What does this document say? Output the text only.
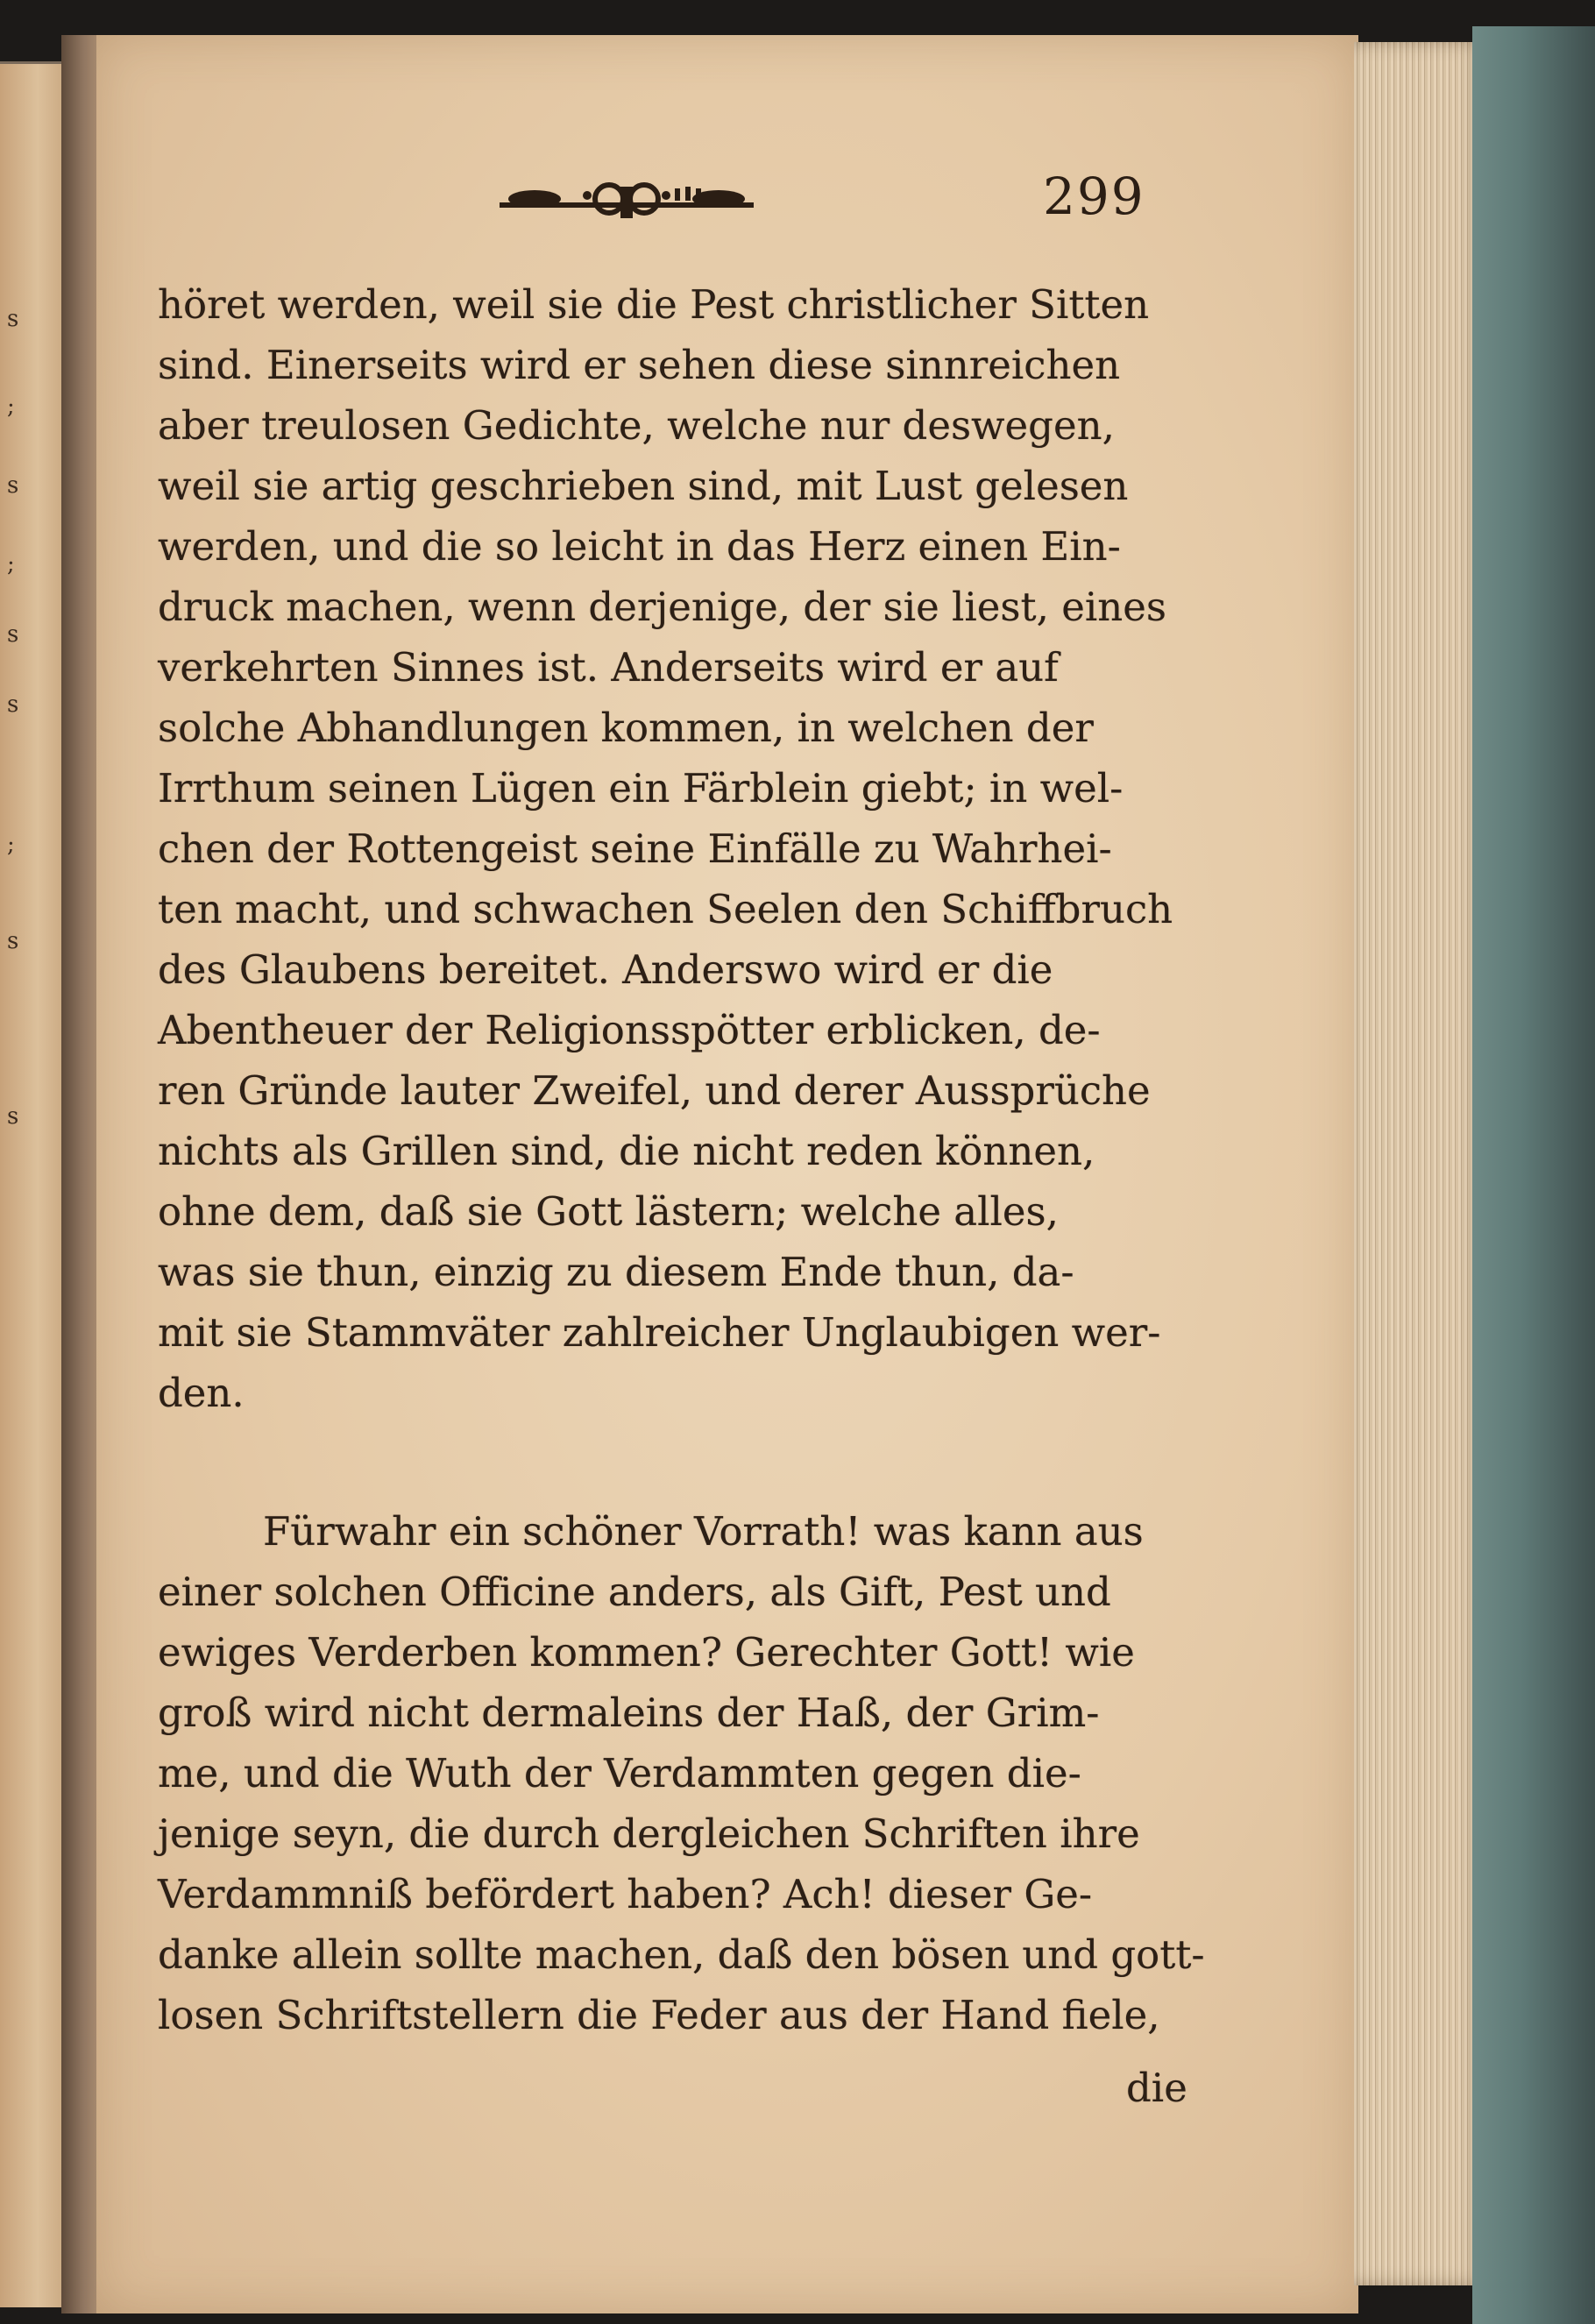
s
;
s
;
s
s
;
s
s
299
höret werden, weil sie die Pest christlicher Sitten
sind. Einerseits wird er sehen diese sinnreichen
aber treulosen Gedichte, welche nur deswegen,
weil sie artig geschrieben sind, mit Lust gelesen
werden, und die so leicht in das Herz einen Ein-
druck machen, wenn derjenige, der sie liest, eines
verkehrten Sinnes ist. Anderseits wird er auf
solche Abhandlungen kommen, in welchen der
Irrthum seinen Lügen ein Färblein giebt; in wel-
chen der Rottengeist seine Einfälle zu Wahrhei-
ten macht, und schwachen Seelen den Schiffbruch
des Glaubens bereitet. Anderswo wird er die
Abentheuer der Religionsspötter erblicken, de-
ren Gründe lauter Zweifel, und derer Aussprüche
nichts als Grillen sind, die nicht reden können,
ohne dem, daß sie Gott lästern; welche alles,
was sie thun, einzig zu diesem Ende thun, da-
mit sie Stammväter zahlreicher Unglaubigen wer-
den.
Fürwahr ein schöner Vorrath! was kann aus
einer solchen Officine anders, als Gift, Pest und
ewiges Verderben kommen? Gerechter Gott! wie
groß wird nicht dermaleins der Haß, der Grim-
me, und die Wuth der Verdammten gegen die-
jenige seyn, die durch dergleichen Schriften ihre
Verdammniß befördert haben? Ach! dieser Ge-
danke allein sollte machen, daß den bösen und gott-
losen Schriftstellern die Feder aus der Hand fiele,
die
